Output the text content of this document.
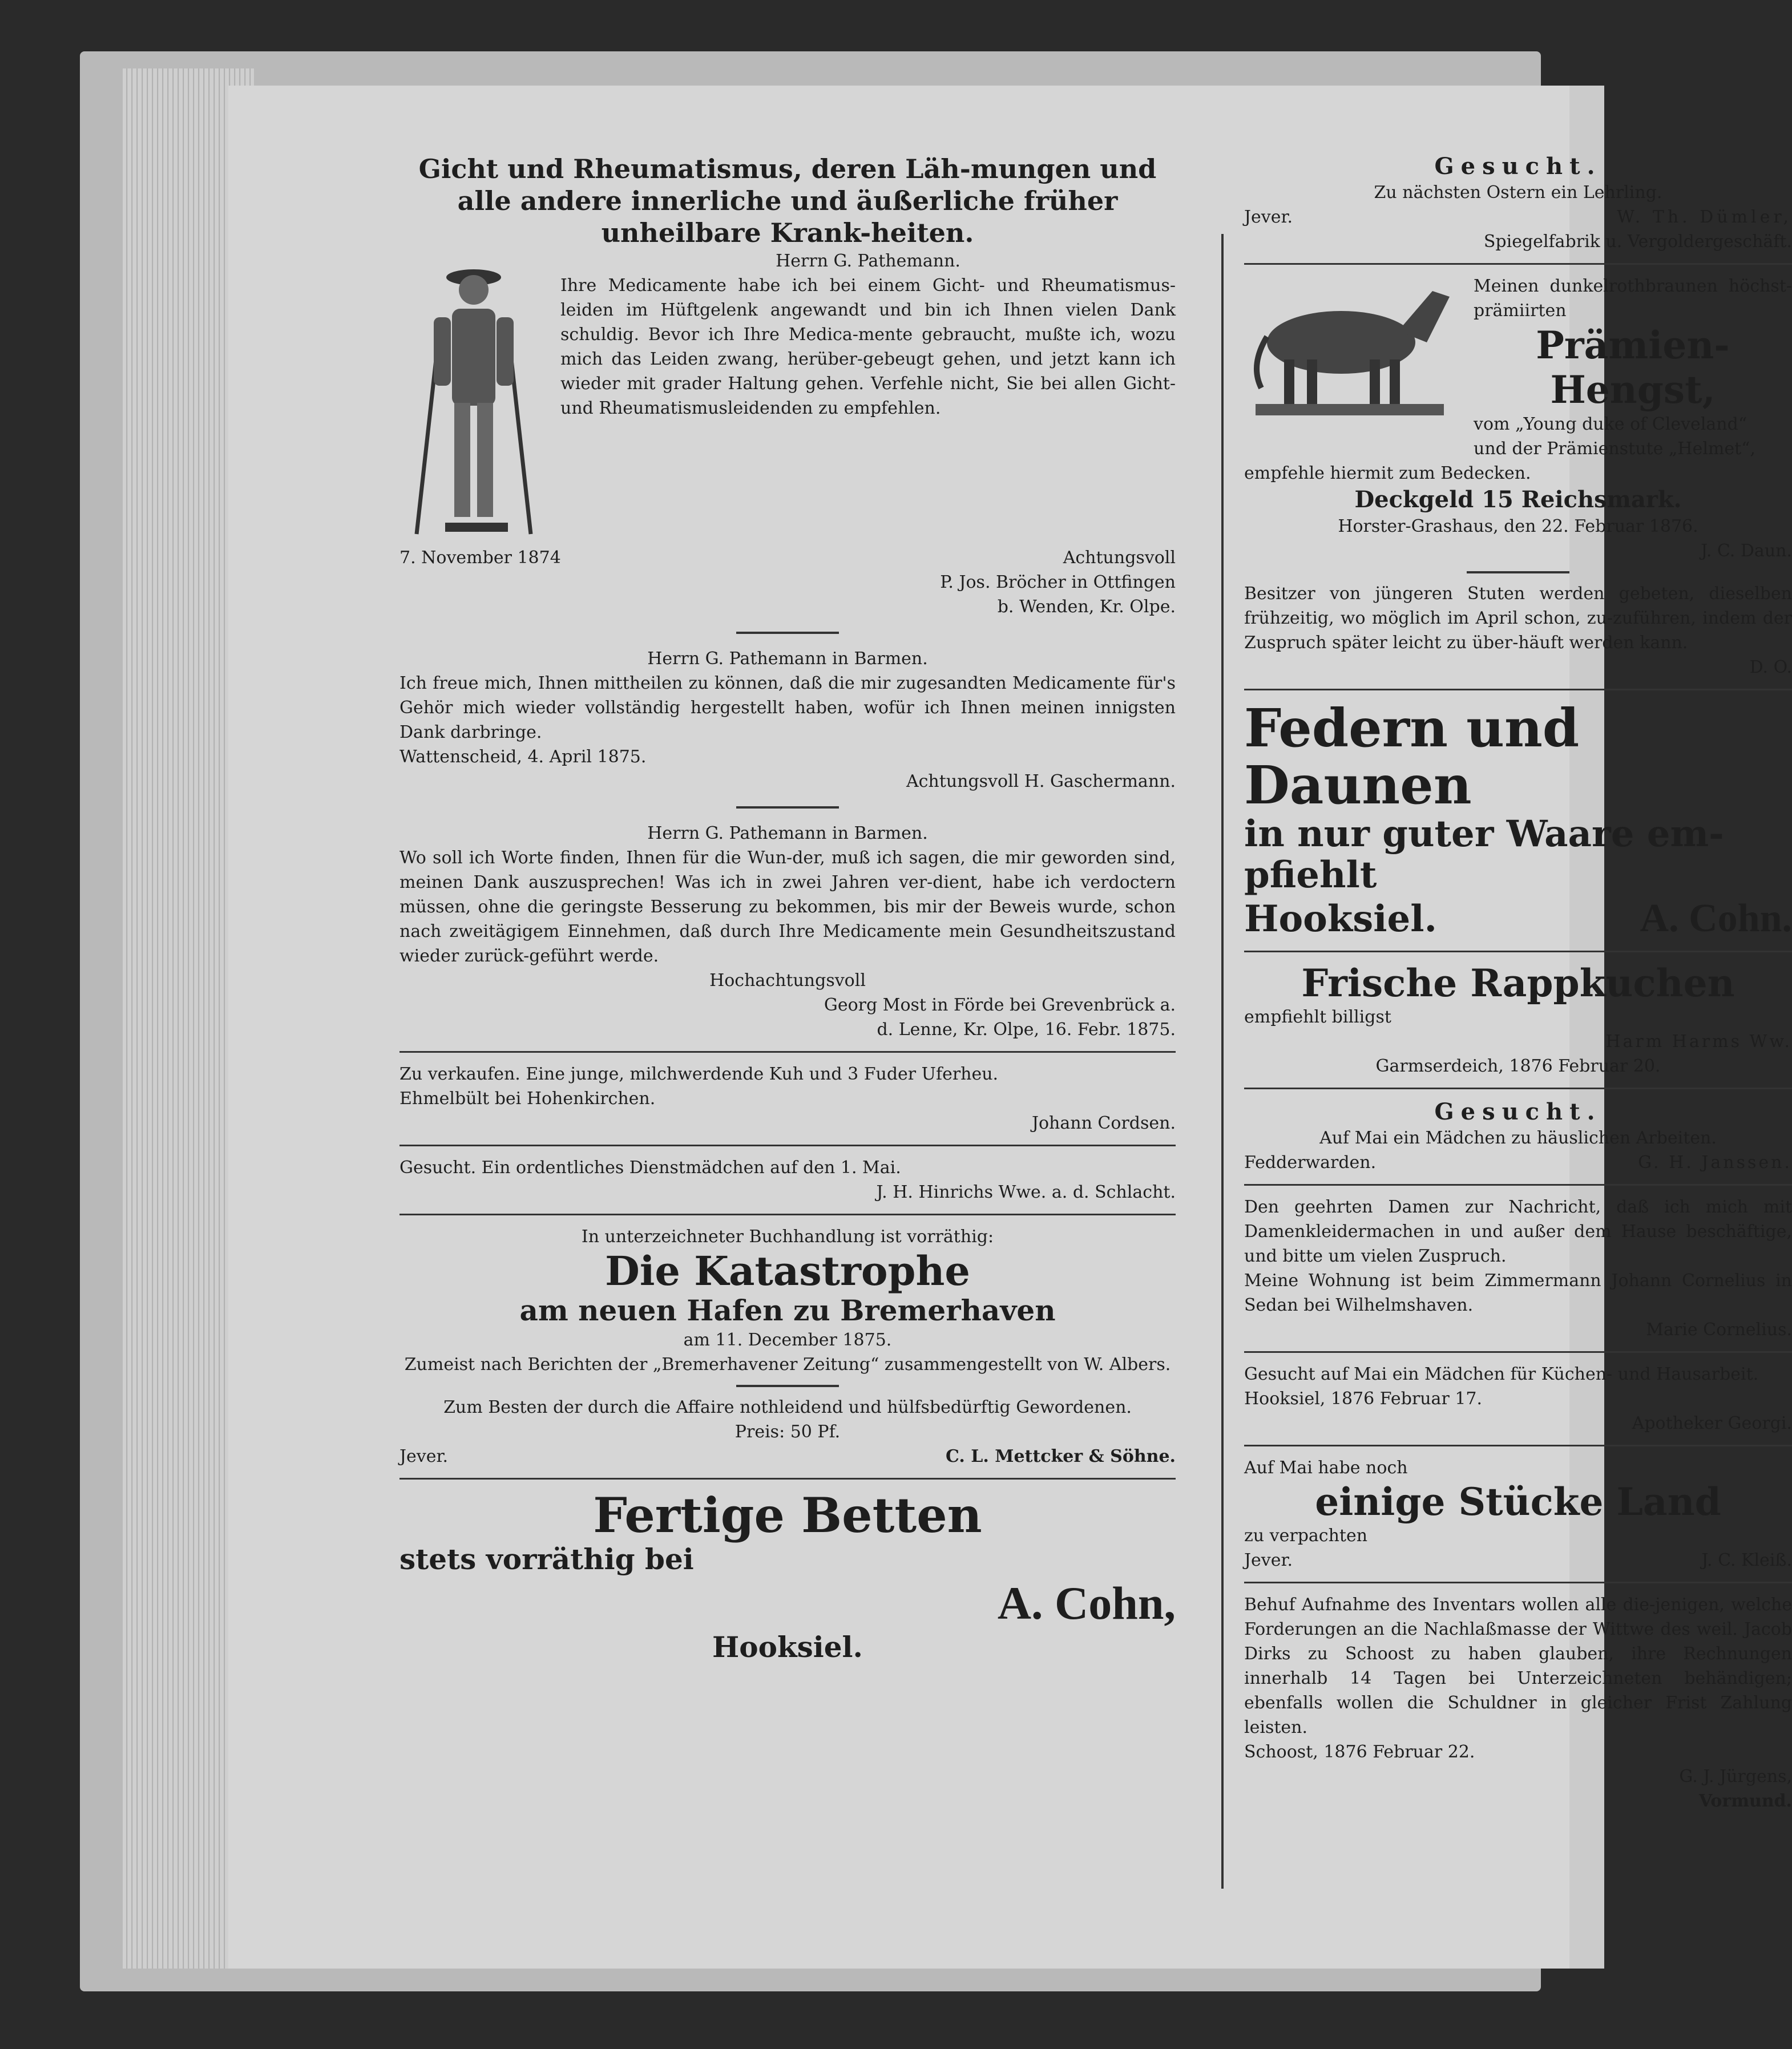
Gicht und Rheumatismus, deren Läh-mungen und alle andere innerliche und äußerliche früher unheilbare Krank-heiten.

Herrn G. Pathemann.

Ihre Medicamente habe ich bei einem Gicht- und Rheumatismus-leiden im Hüftgelenk angewandt und bin ich Ihnen vielen Dank schuldig. Bevor ich Ihre Medica-mente gebraucht, mußte ich, wozu mich das Leiden zwang, herüber-gebeugt gehen, und jetzt kann ich wieder mit grader Haltung gehen. Verfehle nicht, Sie bei allen Gicht- und Rheumatismusleidenden zu empfehlen.

7. November 1874	Achtungsvoll

P. Jos. Bröcher in Ottfingen

b. Wenden, Kr. Olpe.

Herrn G. Pathemann in Barmen.

Ich freue mich, Ihnen mittheilen zu können, daß die mir zugesandten Medicamente für's Gehör mich wieder vollständig hergestellt haben, wofür ich Ihnen meinen innigsten Dank darbringe.

Wattenscheid, 4. April 1875.

Achtungsvoll H. Gaschermann.

Herrn G. Pathemann in Barmen.

Wo soll ich Worte finden, Ihnen für die Wun-der, muß ich sagen, die mir geworden sind, meinen Dank auszusprechen! Was ich in zwei Jahren ver-dient, habe ich verdoctern müssen, ohne die geringste Besserung zu bekommen, bis mir der Beweis wurde, schon nach zweitägigem Einnehmen, daß durch Ihre Medicamente mein Gesundheitszustand wieder zurück-geführt werde.

Hochachtungsvoll

Georg Most in Förde bei Grevenbrück a.

d. Lenne, Kr. Olpe, 16. Febr. 1875.

Zu verkaufen. Eine junge, milchwerdende Kuh und 3 Fuder Uferheu.

Ehmelbült bei Hohenkirchen.

Johann Cordsen.

Gesucht. Ein ordentliches Dienstmädchen auf den 1. Mai.

J. H. Hinrichs Wwe. a. d. Schlacht.

In unterzeichneter Buchhandlung ist vorräthig:

Die Katastrophe

am neuen Hafen zu Bremerhaven

am 11. December 1875.

Zumeist nach Berichten der „Bremerhavener Zeitung“ zusammengestellt von W. Albers.

Zum Besten der durch die Affaire nothleidend und hülfsbedürftig Gewordenen.

Preis: 50 Pf.

Jever.	C. L. Mettcker & Söhne.

Fertige Betten

stets vorräthig bei

A. Cohn,

Hooksiel.

Gesucht.

Zu nächsten Ostern ein Lehrling.

Jever.	W. Th. Dümler,

Spiegelfabrik u. Vergoldergeschäft.

Meinen dunkelrothbraunen höchst-prämiirten

Prämien-Hengst,

vom „Young duke of Cleveland“

und der Prämienstute „Helmet“,

empfehle hiermit zum Bedecken.

Deckgeld 15 Reichsmark.

Horster-Grashaus, den 22. Februar 1876.

J. C. Daun.

Besitzer von jüngeren Stuten werden gebeten, dieselben frühzeitig, wo möglich im April schon, zu-zuführen, indem der Zuspruch später leicht zu über-häuft werden kann.

D. O.

Federn und Daunen

in nur guter Waare em-pfiehlt

Hooksiel.	A. Cohn.

Frische Rappkuchen

empfiehlt billigst

Harm Harms Ww.

Garmserdeich, 1876 Februar 20.

Gesucht.

Auf Mai ein Mädchen zu häuslichen Arbeiten.

Fedderwarden.	G. H. Janssen.

Den geehrten Damen zur Nachricht, daß ich mich mit Damenkleidermachen in und außer dem Hause beschäftige, und bitte um vielen Zuspruch.

Meine Wohnung ist beim Zimmermann Johann Cornelius in Sedan bei Wilhelmshaven.

Marie Cornelius.

Gesucht auf Mai ein Mädchen für Küchen- und Hausarbeit.

Hooksiel, 1876 Februar 17.

Apotheker Georgi.

Auf Mai habe noch

einige Stücke Land

zu verpachten

Jever.	J. C. Kleiß.

Behuf Aufnahme des Inventars wollen alle die-jenigen, welche Forderungen an die Nachlaßmasse der Wittwe des weil. Jacob Dirks zu Schoost zu haben glauben, ihre Rechnungen innerhalb 14 Tagen bei Unterzeichneten behändigen; ebenfalls wollen die Schuldner in gleicher Frist Zahlung leisten.

Schoost, 1876 Februar 22.

G. J. Jürgens,

Vormund.
